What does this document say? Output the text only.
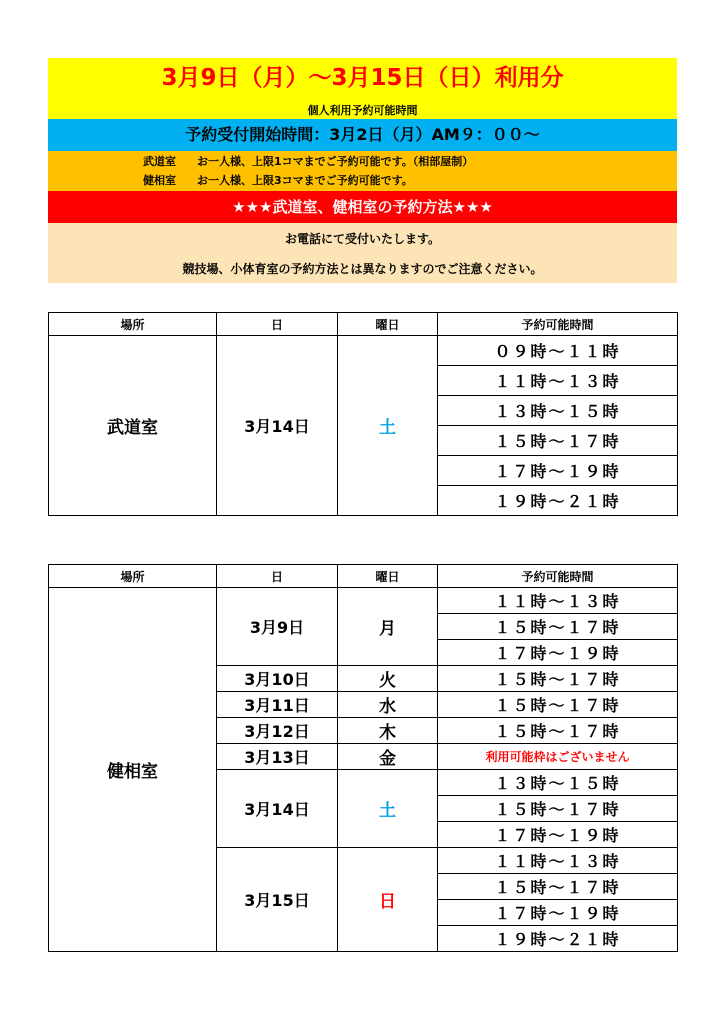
3月9日（月）～3月15日（日）利用分
個人利用予約可能時間
予約受付開始時間：3月2日（月）AM９：００～
武道室 お一人様、上限1コマまでご予約可能です。（相部屋制）
健相室 お一人様、上限3コマまでご予約可能です。
★★★武道室、健相室の予約方法★★★
お電話にて受付いたします。
競技場、小体育室の予約方法とは異なりますのでご注意ください。
場所	日	曜日	予約可能時間
武道室	3月14日	土	０９時～１１時
			１１時～１３時
			１３時～１５時
			１５時～１７時
			１７時～１９時
			１９時～２１時
場所	日	曜日	予約可能時間
健相室	3月9日	月	１１時～１３時
			１５時～１７時
			１７時～１９時
	3月10日	火	１５時～１７時
	3月11日	水	１５時～１７時
	3月12日	木	１５時～１７時
	3月13日	金	利用可能枠はございません
	3月14日	土	１３時～１５時
			１５時～１７時
			１７時～１９時
	3月15日	日	１１時～１３時
			１５時～１７時
			１７時～１９時
			１９時～２１時
